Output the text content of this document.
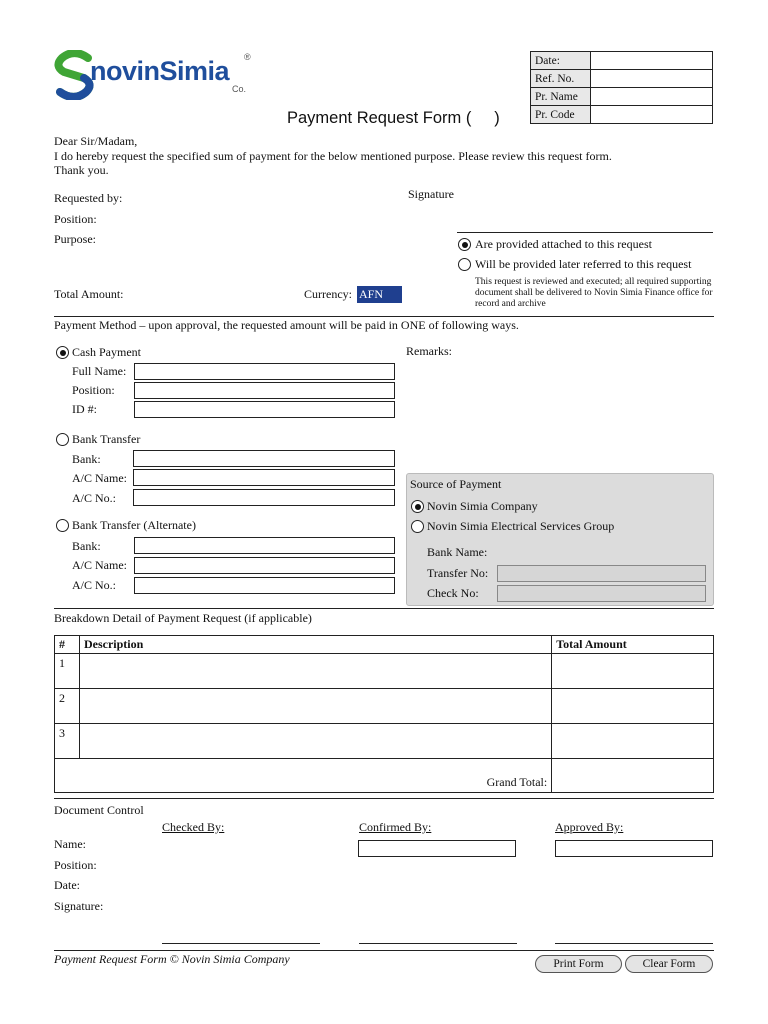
novinSimia ®
Co.
Date:	
Ref. No.	
Pr. Name	
Pr. Code	
Payment Request Form (     )
Dear Sir/Madam,
I do hereby request the specified sum of payment for the below mentioned purpose. Please review this request form.
Thank you.
Requested by:	Signature
Position:
Purpose:	Are provided attached to this request
Will be provided later referred to this request
This request is reviewed and executed; all required supporting document shall be delivered to Novin Simia Finance office for record and archive
Total Amount:	Currency: AFN
Payment Method – upon approval, the requested amount will be paid in ONE of following ways.
Remarks:
Cash Payment
Full Name:
Position:
ID #:
Bank Transfer
Bank:
A/C Name:
A/C No.:
Bank Transfer (Alternate)
Bank:
A/C Name:
A/C No.:
Source of Payment
Novin Simia Company
Novin Simia Electrical Services Group
Bank Name:
Transfer No:
Check No:
Breakdown Detail of Payment Request (if applicable)
#	Description	Total Amount
1		
2		
3		
Grand Total:		
Document Control
Checked By:	Confirmed By:	Approved By:
Name:
Position:
Date:
Signature:
Payment Request Form © Novin Simia Company	Print Form	Clear Form
